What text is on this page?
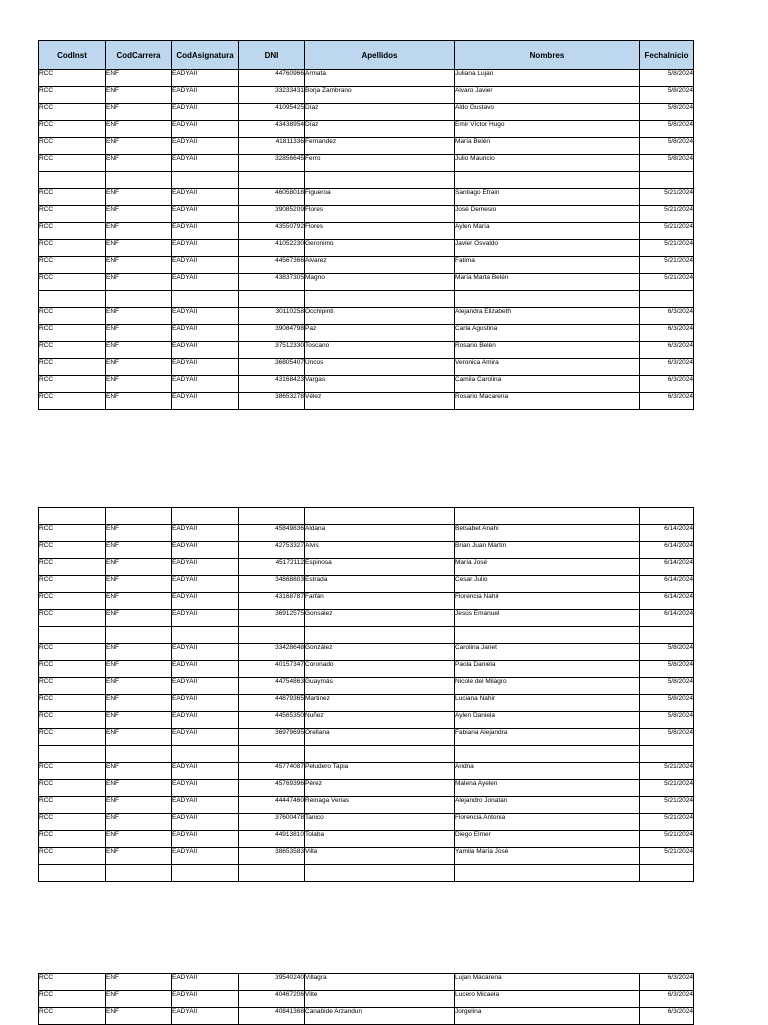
CodInst	CodCarrera	CodAsignatura	DNI	Apellidos	Nombres	FechaInicio
RCC	ENF	EADYAII	44760966	Armata	Juliana Lujan	5/8/2024
RCC	ENF	EADYAII	33233431	Borja Zambrano	Alvaro Javier	5/8/2024
RCC	ENF	EADYAII	41095425	Díaz	Aldo Gustavo	5/8/2024
RCC	ENF	EADYAII	43438954	Díaz	Emir Víctor Hugo	5/8/2024
RCC	ENF	EADYAII	41811336	Fernandez	María Belén	5/8/2024
RCC	ENF	EADYAII	32856645	Ferro	Julio Mauricio	5/8/2024

RCC	ENF	EADYAII	46058018	Figueroa	Santiago Efrain	5/21/2024
RCC	ENF	EADYAII	39085209	Flores	José Demesio	5/21/2024
RCC	ENF	EADYAII	43550792	Flores	Aylen María	5/21/2024
RCC	ENF	EADYAII	41052230	Geronimo	Javier Osvaldo	5/21/2024
RCC	ENF	EADYAII	44567366	Alvarez	Fatima	5/21/2024
RCC	ENF	EADYAII	43837305	Magno	María Marta Belén	5/21/2024

RCC	ENF	EADYAII	30110258	Occhipinti	Alejandra Elizabeth	6/3/2024
RCC	ENF	EADYAII	39084798	Paz	Carla Agostina	6/3/2024
RCC	ENF	EADYAII	37512330	Toscano	Rosario Belén	6/3/2024
RCC	ENF	EADYAII	36805407	Uncos	Veronica Amira	6/3/2024
RCC	ENF	EADYAII	43168423	Vargas	Camila Carolina	6/3/2024
RCC	ENF	EADYAII	38653278	Vélez	Rosario Macarena	6/3/2024

RCC	ENF	EADYAII	45849836	Aldana	Betsabet Anahi	6/14/2024
RCC	ENF	EADYAII	42753327	Alvis	Brian Juan Martín	6/14/2024
RCC	ENF	EADYAII	45172112	Espinosa	María José	6/14/2024
RCC	ENF	EADYAII	34868803	Estrada	Cesar Julio	6/14/2024
RCC	ENF	EADYAII	43168787	Farfán	Florencia Nahir	6/14/2024
RCC	ENF	EADYAII	36912575	Gonsalez	Jesús Emanuel	6/14/2024

RCC	ENF	EADYAII	33428648	González	Carolina Janet	5/8/2024
RCC	ENF	EADYAII	40157347	Coronado	Paola Daniela	5/8/2024
RCC	ENF	EADYAII	44754863	Guaymás	Nicole del Milagro	5/8/2024
RCC	ENF	EADYAII	44879365	Martinez	Luciana Nahir	5/8/2024
RCC	ENF	EADYAII	44565350	Nuñez	Aylen Daniela	5/8/2024
RCC	ENF	EADYAII	36979695	Orellana	Fabiana Alejandra	5/8/2024

RCC	ENF	EADYAII	45774087	Peludero Tapia	Aridna	5/21/2024
RCC	ENF	EADYAII	45769396	Pérez	Malena Ayelen	5/21/2024
RCC	ENF	EADYAII	44447460	Reinaga Verias	Alejandro Jonatan	5/21/2024
RCC	ENF	EADYAII	37600478	Tanico	Florencia Antonia	5/21/2024
RCC	ENF	EADYAII	44913810	Tolaba	Diego Elmer	5/21/2024
RCC	ENF	EADYAII	38653583	Villa	Yamila María José	5/21/2024

RCC	ENF	EADYAII	39540240	Villagra	Lujan Macarena	6/3/2024
RCC	ENF	EADYAII	40467206	Vilte	Lucero Micaela	6/3/2024
RCC	ENF	EADYAII	40841368	Canabide Arzandun	Jorgelina	6/3/2024
